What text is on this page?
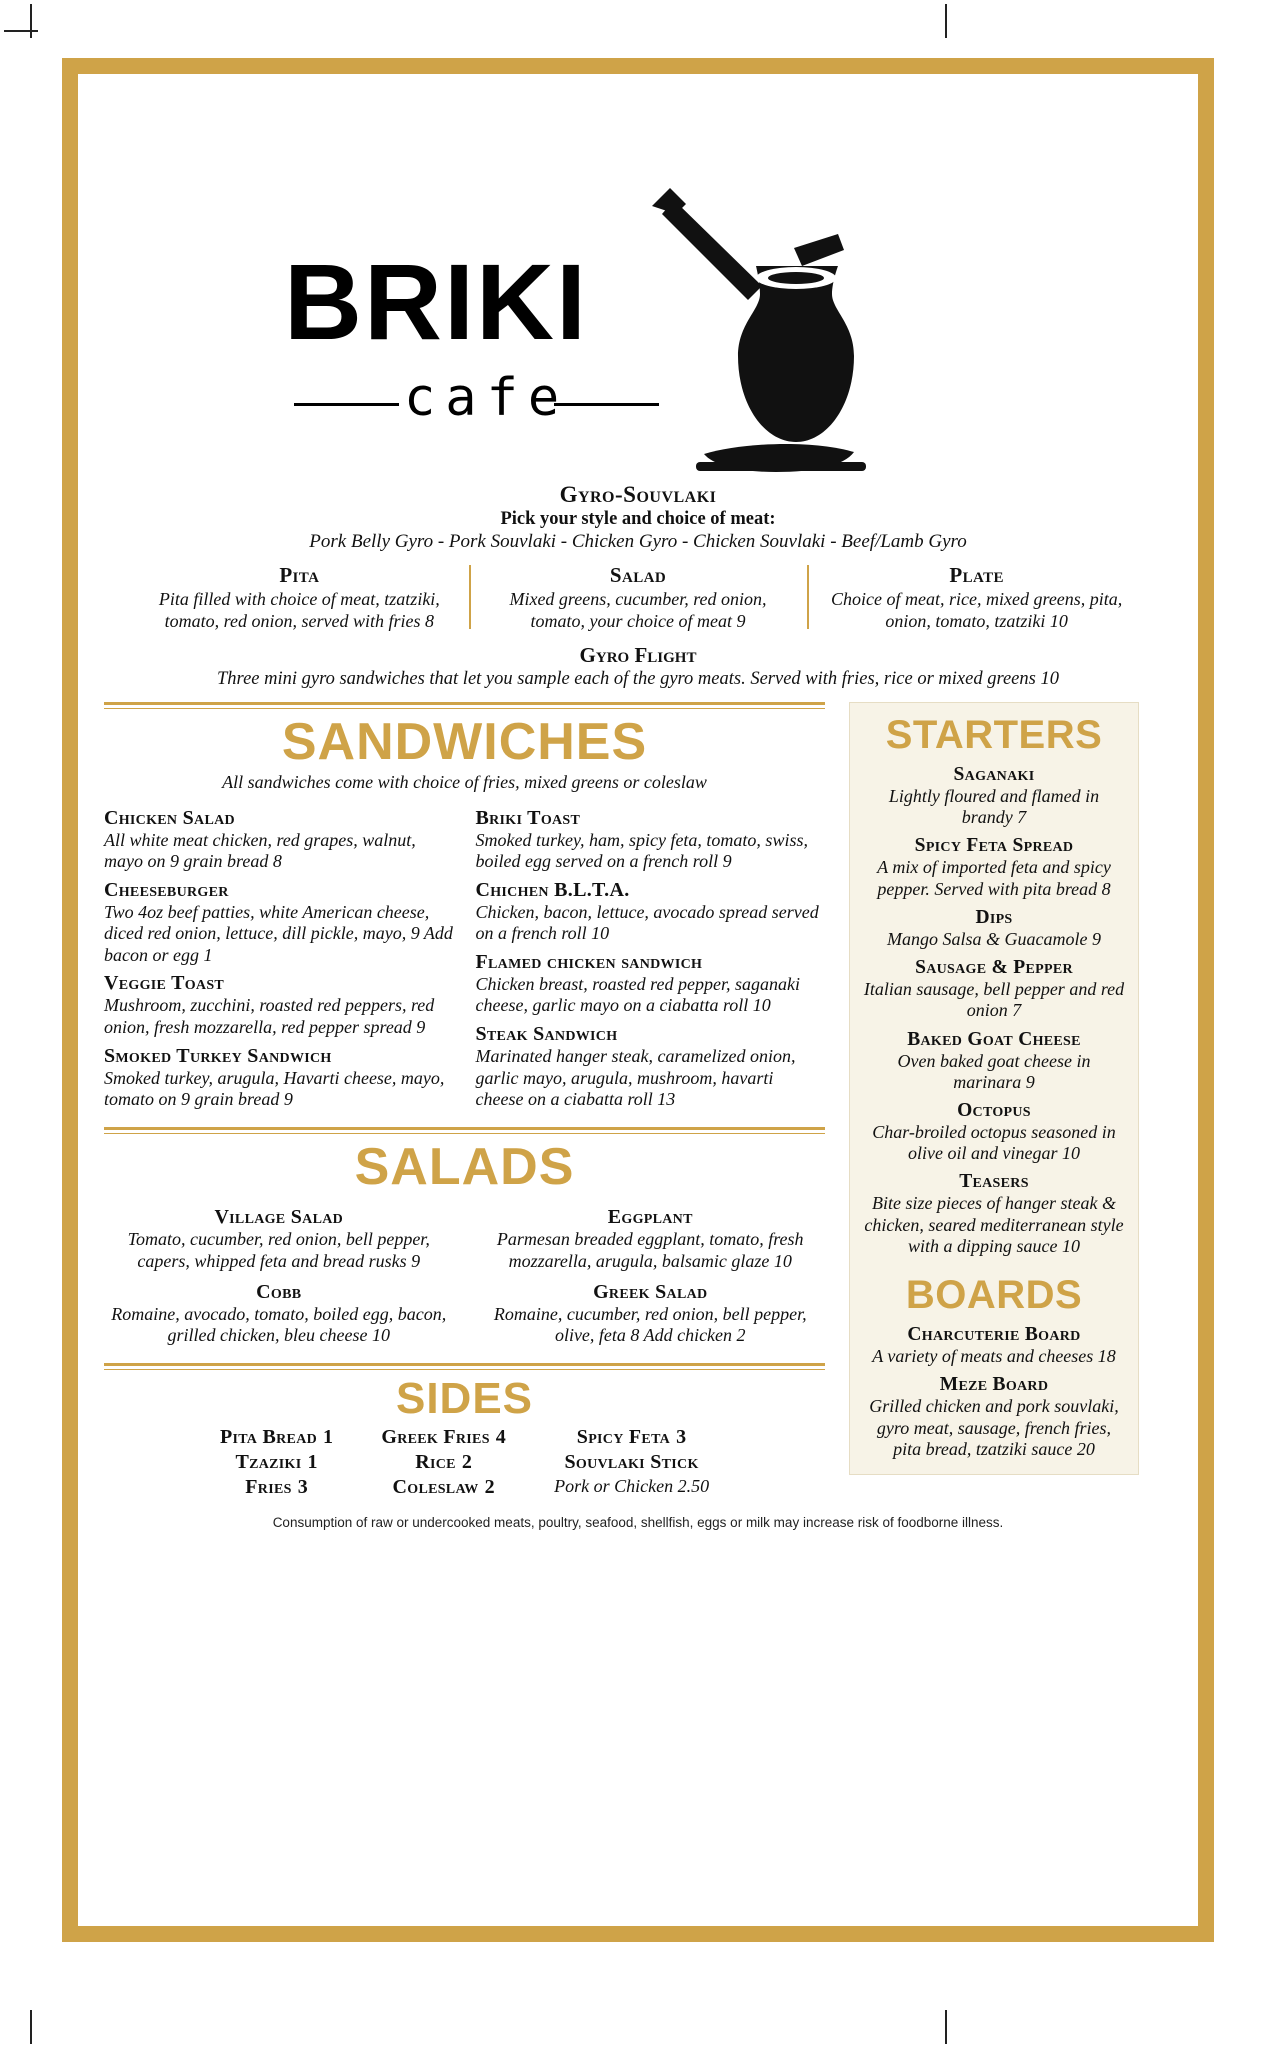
BRIKI
cafe
Gyro-Souvlaki
Pick your style and choice of meat:
Pork Belly Gyro - Pork Souvlaki - Chicken Gyro - Chicken Souvlaki - Beef/Lamb Gyro
Pita
Pita filled with choice of meat, tzatziki, tomato, red onion, served with fries 8
Salad
Mixed greens, cucumber, red onion, tomato, your choice of meat 9
Plate
Choice of meat, rice, mixed greens, pita, onion, tomato, tzatziki 10
Gyro Flight
Three mini gyro sandwiches that let you sample each of the gyro meats. Served with fries, rice or mixed greens 10
SANDWICHES
All sandwiches come with choice of fries, mixed greens or coleslaw
Chicken Salad
All white meat chicken, red grapes, walnut, mayo on 9 grain bread 8
Cheeseburger
Two 4oz beef patties, white American cheese, diced red onion, lettuce, dill pickle, mayo, 9 Add bacon or egg 1
Veggie Toast
Mushroom, zucchini, roasted red peppers, red onion, fresh mozzarella, red pepper spread 9
Smoked Turkey Sandwich
Smoked turkey, arugula, Havarti cheese, mayo, tomato on 9 grain bread 9
Briki Toast
Smoked turkey, ham, spicy feta, tomato, swiss, boiled egg served on a french roll 9
Chichen B.L.T.A.
Chicken, bacon, lettuce, avocado spread served on a french roll 10
Flamed chicken sandwich
Chicken breast, roasted red pepper, saganaki cheese, garlic mayo on a ciabatta roll 10
Steak Sandwich
Marinated hanger steak, caramelized onion, garlic mayo, arugula, mushroom, havarti cheese on a ciabatta roll 13
SALADS
Village Salad
Tomato, cucumber, red onion, bell pepper, capers, whipped feta and bread rusks 9
Cobb
Romaine, avocado, tomato, boiled egg, bacon, grilled chicken, bleu cheese 10
Eggplant
Parmesan breaded eggplant, tomato, fresh mozzarella, arugula, balsamic glaze 10
Greek Salad
Romaine, cucumber, red onion, bell pepper, olive, feta 8 Add chicken 2
SIDES
Pita Bread 1
Tzaziki 1
Fries 3
Greek Fries 4
Rice 2
Coleslaw 2
Spicy Feta 3
Souvlaki Stick
Pork or Chicken 2.50
STARTERS
Saganaki
Lightly floured and flamed in brandy 7
Spicy Feta Spread
A mix of imported feta and spicy pepper. Served with pita bread 8
Dips
Mango Salsa & Guacamole 9
Sausage & Pepper
Italian sausage, bell pepper and red onion 7
Baked Goat Cheese
Oven baked goat cheese in marinara 9
Octopus
Char-broiled octopus seasoned in olive oil and vinegar 10
Teasers
Bite size pieces of hanger steak & chicken, seared mediterranean style with a dipping sauce 10
BOARDS
Charcuterie Board
A variety of meats and cheeses 18
Meze Board
Grilled chicken and pork souvlaki, gyro meat, sausage, french fries, pita bread, tzatziki sauce 20
Consumption of raw or undercooked meats, poultry, seafood, shellfish, eggs or milk may increase risk of foodborne illness.
